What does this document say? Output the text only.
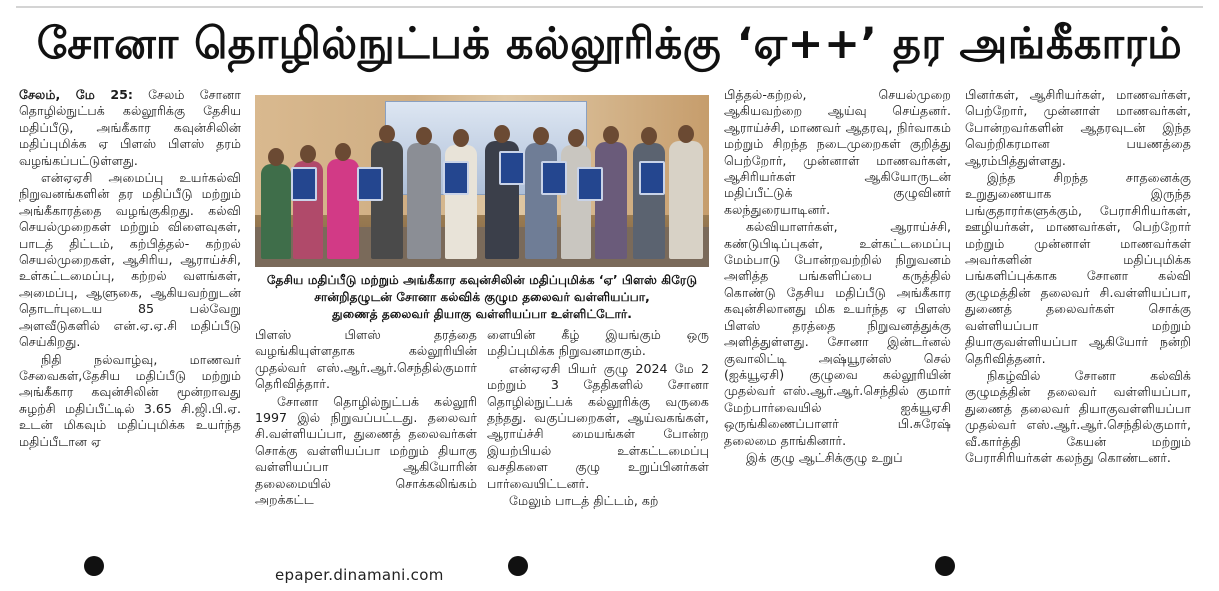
சோனா தொழில்நுட்பக் கல்லூரிக்கு ‘ஏ++’ தர அங்கீகாரம்

சேலம், மே 25: சேலம் சோனா தொழில்நுட்பக் கல்லூரிக்கு தேசிய மதிப்பீடு, அங்கீகார கவுன்சிலின் மதிப்புமிக்க ஏ பிளஸ் பிளஸ் தரம் வழங்கப்பட்டுள்ளது.

என்ஏஏசி அமைப்பு உயர்கல்வி நிறுவனங்களின் தர மதிப்பீடு மற்றும் அங்கீகாரத்தை வழங்குகிறது. கல்வி செயல்முறைகள் மற்றும் விளைவுகள், பாடத் திட்டம், கற்பித்தல்- கற்றல் செயல்முறைகள், ஆசிரிய, ஆராய்ச்சி, உள்கட்டமைப்பு, கற்றல் வளங்கள், அமைப்பு, ஆளுகை, ஆகியவற்றுடன் தொடர்புடைய 85 பல்வேறு அளவீடுகளில் என்.ஏ.ஏ.சி மதிப்பீடு செய்கிறது.

நிதி நல்வாழ்வு, மாணவர் சேவைகள்,தேசிய மதிப்பீடு மற்றும் அங்கீகார கவுன்சிலின் மூன்றாவது சுழற்சி மதிப்பீட்டில் 3.65 சி.ஜி.பி.ஏ. உடன் மிகவும் மதிப்புமிக்க உயர்ந்த மதிப்பீடான ஏ

தேசிய மதிப்பீடு மற்றும் அங்கீகார கவுன்சிலின் மதிப்புமிக்க ‘ஏ’ பிளஸ் கிரேடு
சான்றிதழுடன் சோனா கல்விக் குழும தலைவர் வள்ளியப்பா,
துணைத் தலைவர் தியாகு வள்ளியப்பா உள்ளிட்டோர்.

பிளஸ் பிளஸ் தரத்தை வழங்கியுள்ளதாக கல்லூரியின் முதல்வர் எஸ்.ஆர்.ஆர்.செந்தில்குமார் தெரிவித்தார்.

சோனா தொழில்நுட்பக் கல்லூரி 1997 இல் நிறுவப்பட்டது. தலைவர் சி.வள்ளியப்பா, துணைத் தலைவர்கள் சொக்கு வள்ளியப்பா மற்றும் தியாகு வள்ளியப்பா ஆகியோரின் தலைமையில் சொக்கலிங்கம் அறக்கட்ட

ளையின் கீழ் இயங்கும் ஒரு மதிப்புமிக்க நிறுவனமாகும்.

என்ஏஏசி பியர் குழு 2024 மே 2 மற்றும் 3 தேதிகளில் சோனா தொழில்நுட்பக் கல்லூரிக்கு வருகை தந்தது. வகுப்பறைகள், ஆய்வகங்கள், ஆராய்ச்சி மையங்கள் போன்ற இயற்பியல் உள்கட்டமைப்பு வசதிகளை குழு உறுப்பினர்கள் பார்வையிட்டனர்.

மேலும் பாடத் திட்டம், கற்

பித்தல்-கற்றல், செயல்முறை ஆகியவற்றை ஆய்வு செய்தனர். ஆராய்ச்சி, மாணவர் ஆதரவு, நிர்வாகம் மற்றும் சிறந்த நடைமுறைகள் குறித்து பெற்றோர், முன்னாள் மாணவர்கள், ஆசிரியர்கள் ஆகியோருடன் மதிப்பீட்டுக் குழுவினர் கலந்துரையாடினர்.

கல்வியாளர்கள், ஆராய்ச்சி, கண்டுபிடிப்புகள், உள்கட்டமைப்பு மேம்பாடு போன்றவற்றில் நிறுவனம் அளித்த பங்களிப்பை கருத்தில் கொண்டு தேசிய மதிப்பீடு அங்கீகார கவுன்சிலானது மிக உயர்ந்த ஏ பிளஸ் பிளஸ் தரத்தை நிறுவனத்துக்கு அளித்துள்ளது. சோனா இன்டர்னல் குவாலிட்டி அஷ்யூரன்ஸ் செல் (ஐக்யூஏசி) குழுவை கல்லூரியின் முதல்வர் எஸ்.ஆர்.ஆர்.செந்தில் குமார் மேற்பார்வையில் ஐக்யூஏசி ஒருங்கிணைப்பாளர் பி.சுரேஷ் தலைமை தாங்கினார்.

இக் குழு ஆட்சிக்குழு உறுப்

பினர்கள், ஆசிரியர்கள், மாணவர்கள், பெற்றோர், முன்னாள் மாணவர்கள், போன்றவர்களின் ஆதரவுடன் இந்த வெற்றிகரமான பயணத்தை ஆரம்பித்துள்ளது.

இந்த சிறந்த சாதனைக்கு உறுதுணையாக இருந்த பங்குதாரர்களுக்கும், பேராசிரியர்கள், ஊழியர்கள், மாணவர்கள், பெற்றோர் மற்றும் முன்னாள் மாணவர்கள் அவர்களின் மதிப்புமிக்க பங்களிப்புக்காக சோனா கல்வி குழுமத்தின் தலைவர் சி.வள்ளியப்பா, துணைத் தலைவர்கள் சொக்கு வள்ளியப்பா மற்றும் தியாகுவள்ளியப்பா ஆகியோர் நன்றி தெரிவித்தனர்.

நிகழ்வில் சோனா கல்விக் குழுமத்தின் தலைவர் வள்ளியப்பா, துணைத் தலைவர் தியாகுவள்ளியப்பா முதல்வர் எஸ்.ஆர்.ஆர்.செந்தில்குமார், வீ.கார்த்தி கேயன் மற்றும் பேராசிரியர்கள் கலந்து கொண்டனர்.

epaper.dinamani.com
